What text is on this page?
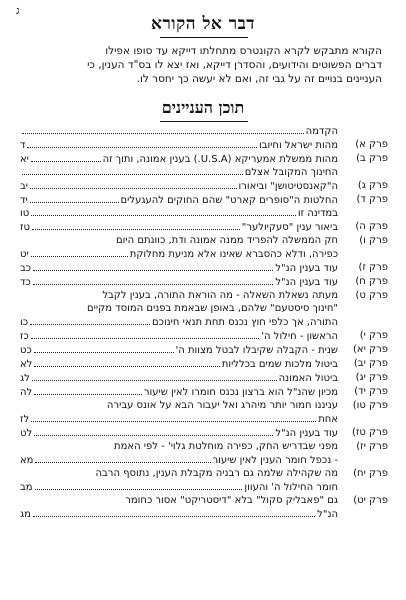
ג
דבר אל הקורא

הקורא מתבקש לקרא הקונטרס מתחלתו דייקא עד סופו אפילו

דברים הפשוטים והידועים, והסדרן דייקא, ואז יצא לו בס"ד הענין, כי

העניינים בנויים זה על גבי זה, ואם לא יעשה כך יחסר לו.

תוכן העניינים
הקדמה
פרק א)
מהות ישראל וחיובו
ד
פרק ב)
מהות ממשלת אמעריקא (U.S.A.) בענין אמונה, ותוך זה
יא
החינוך המקובל אצלם
פרק ג)
ה"קאנסטיטושן" וביאורו
יב
פרק ד)
החלטות ה"סופרים קארט" שהם החוקים להעגעלים
יד
במדינה זו
טו
פרק ה)
ביאור ענין "סעקיולער"
טז
פרק ו)
חק הממשלה להפריד ממנה אמונה ודת, כוונתם היום
כפירה, ודלא כהסברא שאינו אלא מניעת מחלוקת
יט
פרק ז)
עוד בענין הנ"ל
כב
פרק ח)
עוד בענין הנ"ל
כד
פרק ט)
מעתה נשאלת השאלה - מה הוראת התורה, בענין לקבל
"חינוך סיסטעם" שלהם, באופן שבאמת בפנים המוסד מקיים
התורה, אך כלפי חוץ נכנס תחת תנאי חינוכם
כו
פרק י)
הראשון - חילול ה'
כז
פרק יא)
שנית - הקבלה שקיבלו לבטל מצוות ה'
כט
פרק יב)
ביטול מלכות שמים בכלליות
לא
פרק יג)
ביטול האמונה
לג
פרק יד)
מכיון שהנ"ל הוא ברצון נכנס חומרו לאין שיעור
לה
פרק טו)
עניננו חמור יותר מיהרג ואל יעבור הבא על אונס עבירה
אחת
לז
פרק טז)
עוד בענין הנ"ל
לט
פרק יז)
מפני שבדריש החק, כפירה מוחלטת גלוי' - לפי האמת
- נכפל חומר הענין לאין שיעור
מא
פרק יח)
מה שקהילה שלמה גם רבניה מקבלת הענין, נתוסף הרבה
חומר החילול ה' והעוון
מב
פרק יט)
גם "פאבליק סקול" בלא "דיסטריקט" אסור כחומר
הנ"ל
מג
